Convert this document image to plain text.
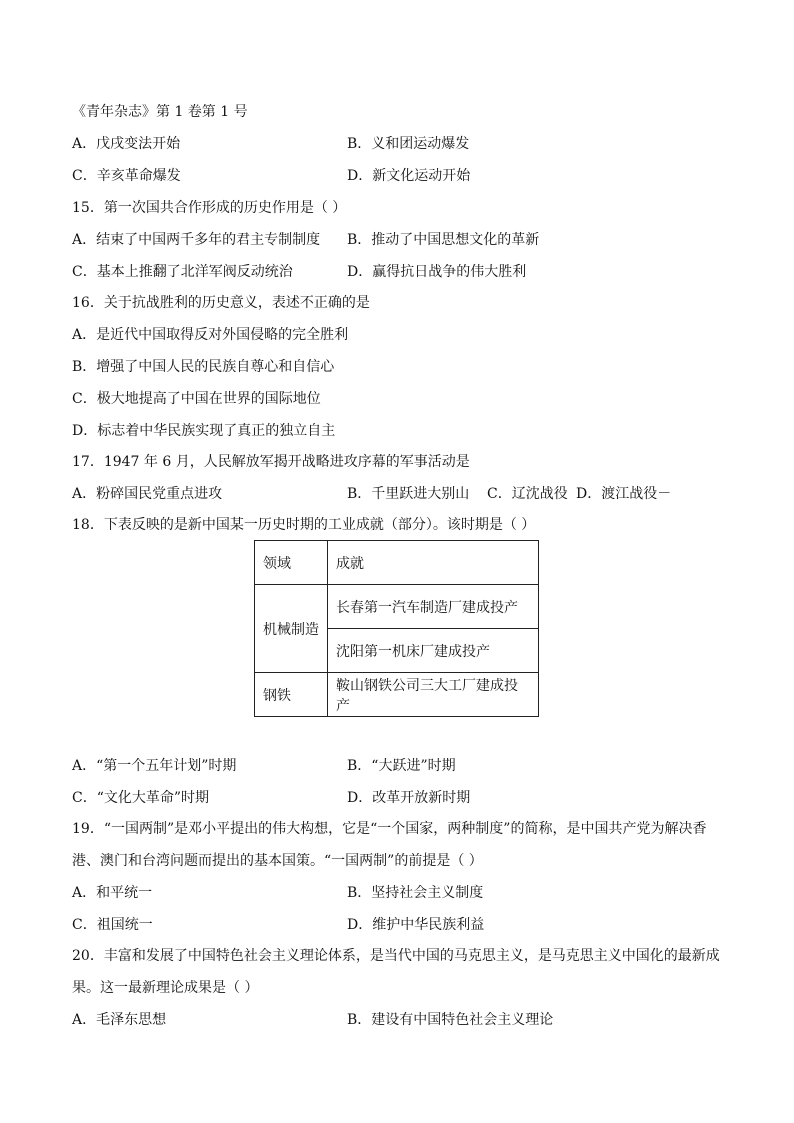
《青年杂志》第 1 卷第 1 号
A．戊戌变法开始	B．义和团运动爆发
C．辛亥革命爆发	D．新文化运动开始
15．第一次国共合作形成的历史作用是（ ）
A．结束了中国两千多年的君主专制制度 B．推动了中国思想文化的革新
C．基本上推翻了北洋军阀反动统治	D．赢得抗日战争的伟大胜利
16．关于抗战胜利的历史意义，表述不正确的是
A．是近代中国取得反对外国侵略的完全胜利
B．增强了中国人民的民族自尊心和自信心
C．极大地提高了中国在世界的国际地位
D．标志着中华民族实现了真正的独立自主
17．1947 年 6 月，人民解放军揭开战略进攻序幕的军事活动是
A．粉碎国民党重点进攻	B．千里跃进大别山 C．辽沈战役 D．渡江战役－
18．下表反映的是新中国某一历史时期的工业成就（部分）。该时期是（ ）
领域	成就
机械制造	长春第一汽车制造厂建成投产
	沈阳第一机床厂建成投产
钢铁	鞍山钢铁公司三大工厂建成投产
A．“第一个五年计划”时期	B．“大跃进”时期
C．“文化大革命”时期	D．改革开放新时期
19．“一国两制”是邓小平提出的伟大构想，它是“一个国家，两种制度”的简称，是中国共产党为解决香
港、澳门和台湾问题而提出的基本国策。“一国两制”的前提是（ ）
A．和平统一	B．坚持社会主义制度
C．祖国统一	D．维护中华民族利益
20．丰富和发展了中国特色社会主义理论体系，是当代中国的马克思主义，是马克思主义中国化的最新成
果。这一最新理论成果是（ ）
A．毛泽东思想	B．建设有中国特色社会主义理论
